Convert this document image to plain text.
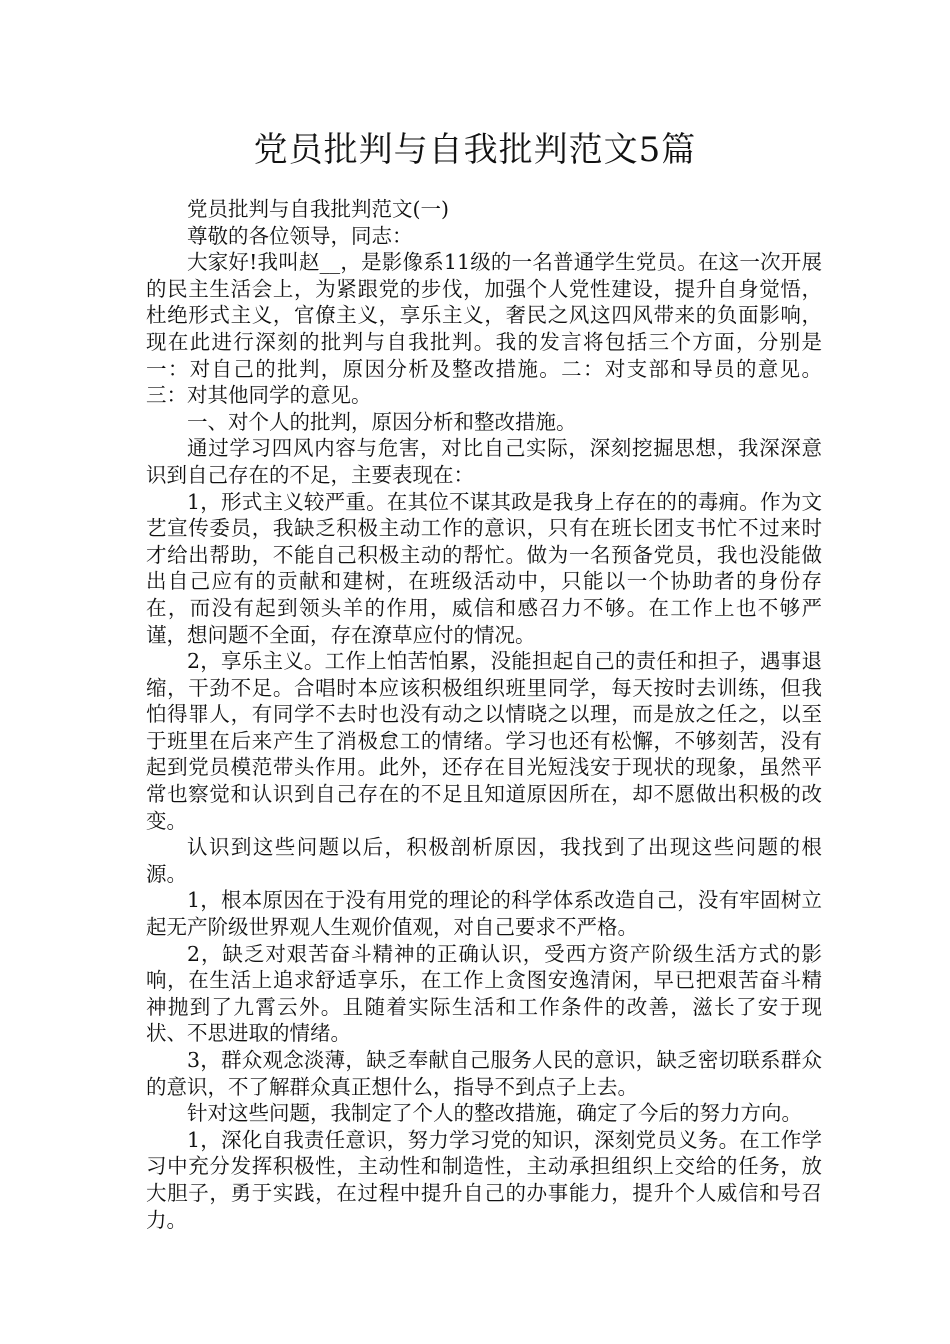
党员批判与自我批判范文5篇

党员批判与自我批判范文(一)

尊敬的各位领导，同志：

大家好!我叫赵__，是影像系11级的一名普通学生党员。在这一次开展的民主生活会上，为紧跟党的步伐，加强个人党性建设，提升自身觉悟，杜绝形式主义，官僚主义，享乐主义，奢民之风这四风带来的负面影响，现在此进行深刻的批判与自我批判。我的发言将包括三个方面，分别是一：对自己的批判，原因分析及整改措施。二：对支部和导员的意见。三：对其他同学的意见。

一、对个人的批判，原因分析和整改措施。

通过学习四风内容与危害，对比自己实际，深刻挖掘思想，我深深意识到自己存在的不足，主要表现在：

1，形式主义较严重。在其位不谋其政是我身上存在的的毒痈。作为文艺宣传委员，我缺乏积极主动工作的意识，只有在班长团支书忙不过来时才给出帮助，不能自己积极主动的帮忙。做为一名预备党员，我也没能做出自己应有的贡献和建树，在班级活动中，只能以一个协助者的身份存在，而没有起到领头羊的作用，威信和感召力不够。在工作上也不够严谨，想问题不全面，存在潦草应付的情况。

2，享乐主义。工作上怕苦怕累，没能担起自己的责任和担子，遇事退缩，干劲不足。合唱时本应该积极组织班里同学，每天按时去训练，但我怕得罪人，有同学不去时也没有动之以情晓之以理，而是放之任之，以至于班里在后来产生了消极怠工的情绪。学习也还有松懈，不够刻苦，没有起到党员模范带头作用。此外，还存在目光短浅安于现状的现象，虽然平常也察觉和认识到自己存在的不足且知道原因所在，却不愿做出积极的改变。

认识到这些问题以后，积极剖析原因，我找到了出现这些问题的根源。

1，根本原因在于没有用党的理论的科学体系改造自己，没有牢固树立起无产阶级世界观人生观价值观，对自己要求不严格。

2，缺乏对艰苦奋斗精神的正确认识，受西方资产阶级生活方式的影响，在生活上追求舒适享乐，在工作上贪图安逸清闲，早已把艰苦奋斗精神抛到了九霄云外。且随着实际生活和工作条件的改善，滋长了安于现状、不思进取的情绪。

3，群众观念淡薄，缺乏奉献自己服务人民的意识，缺乏密切联系群众的意识，不了解群众真正想什么，指导不到点子上去。

针对这些问题，我制定了个人的整改措施，确定了今后的努力方向。

1，深化自我责任意识，努力学习党的知识，深刻党员义务。在工作学习中充分发挥积极性，主动性和制造性，主动承担组织上交给的任务，放大胆子，勇于实践，在过程中提升自己的办事能力，提升个人威信和号召力。
